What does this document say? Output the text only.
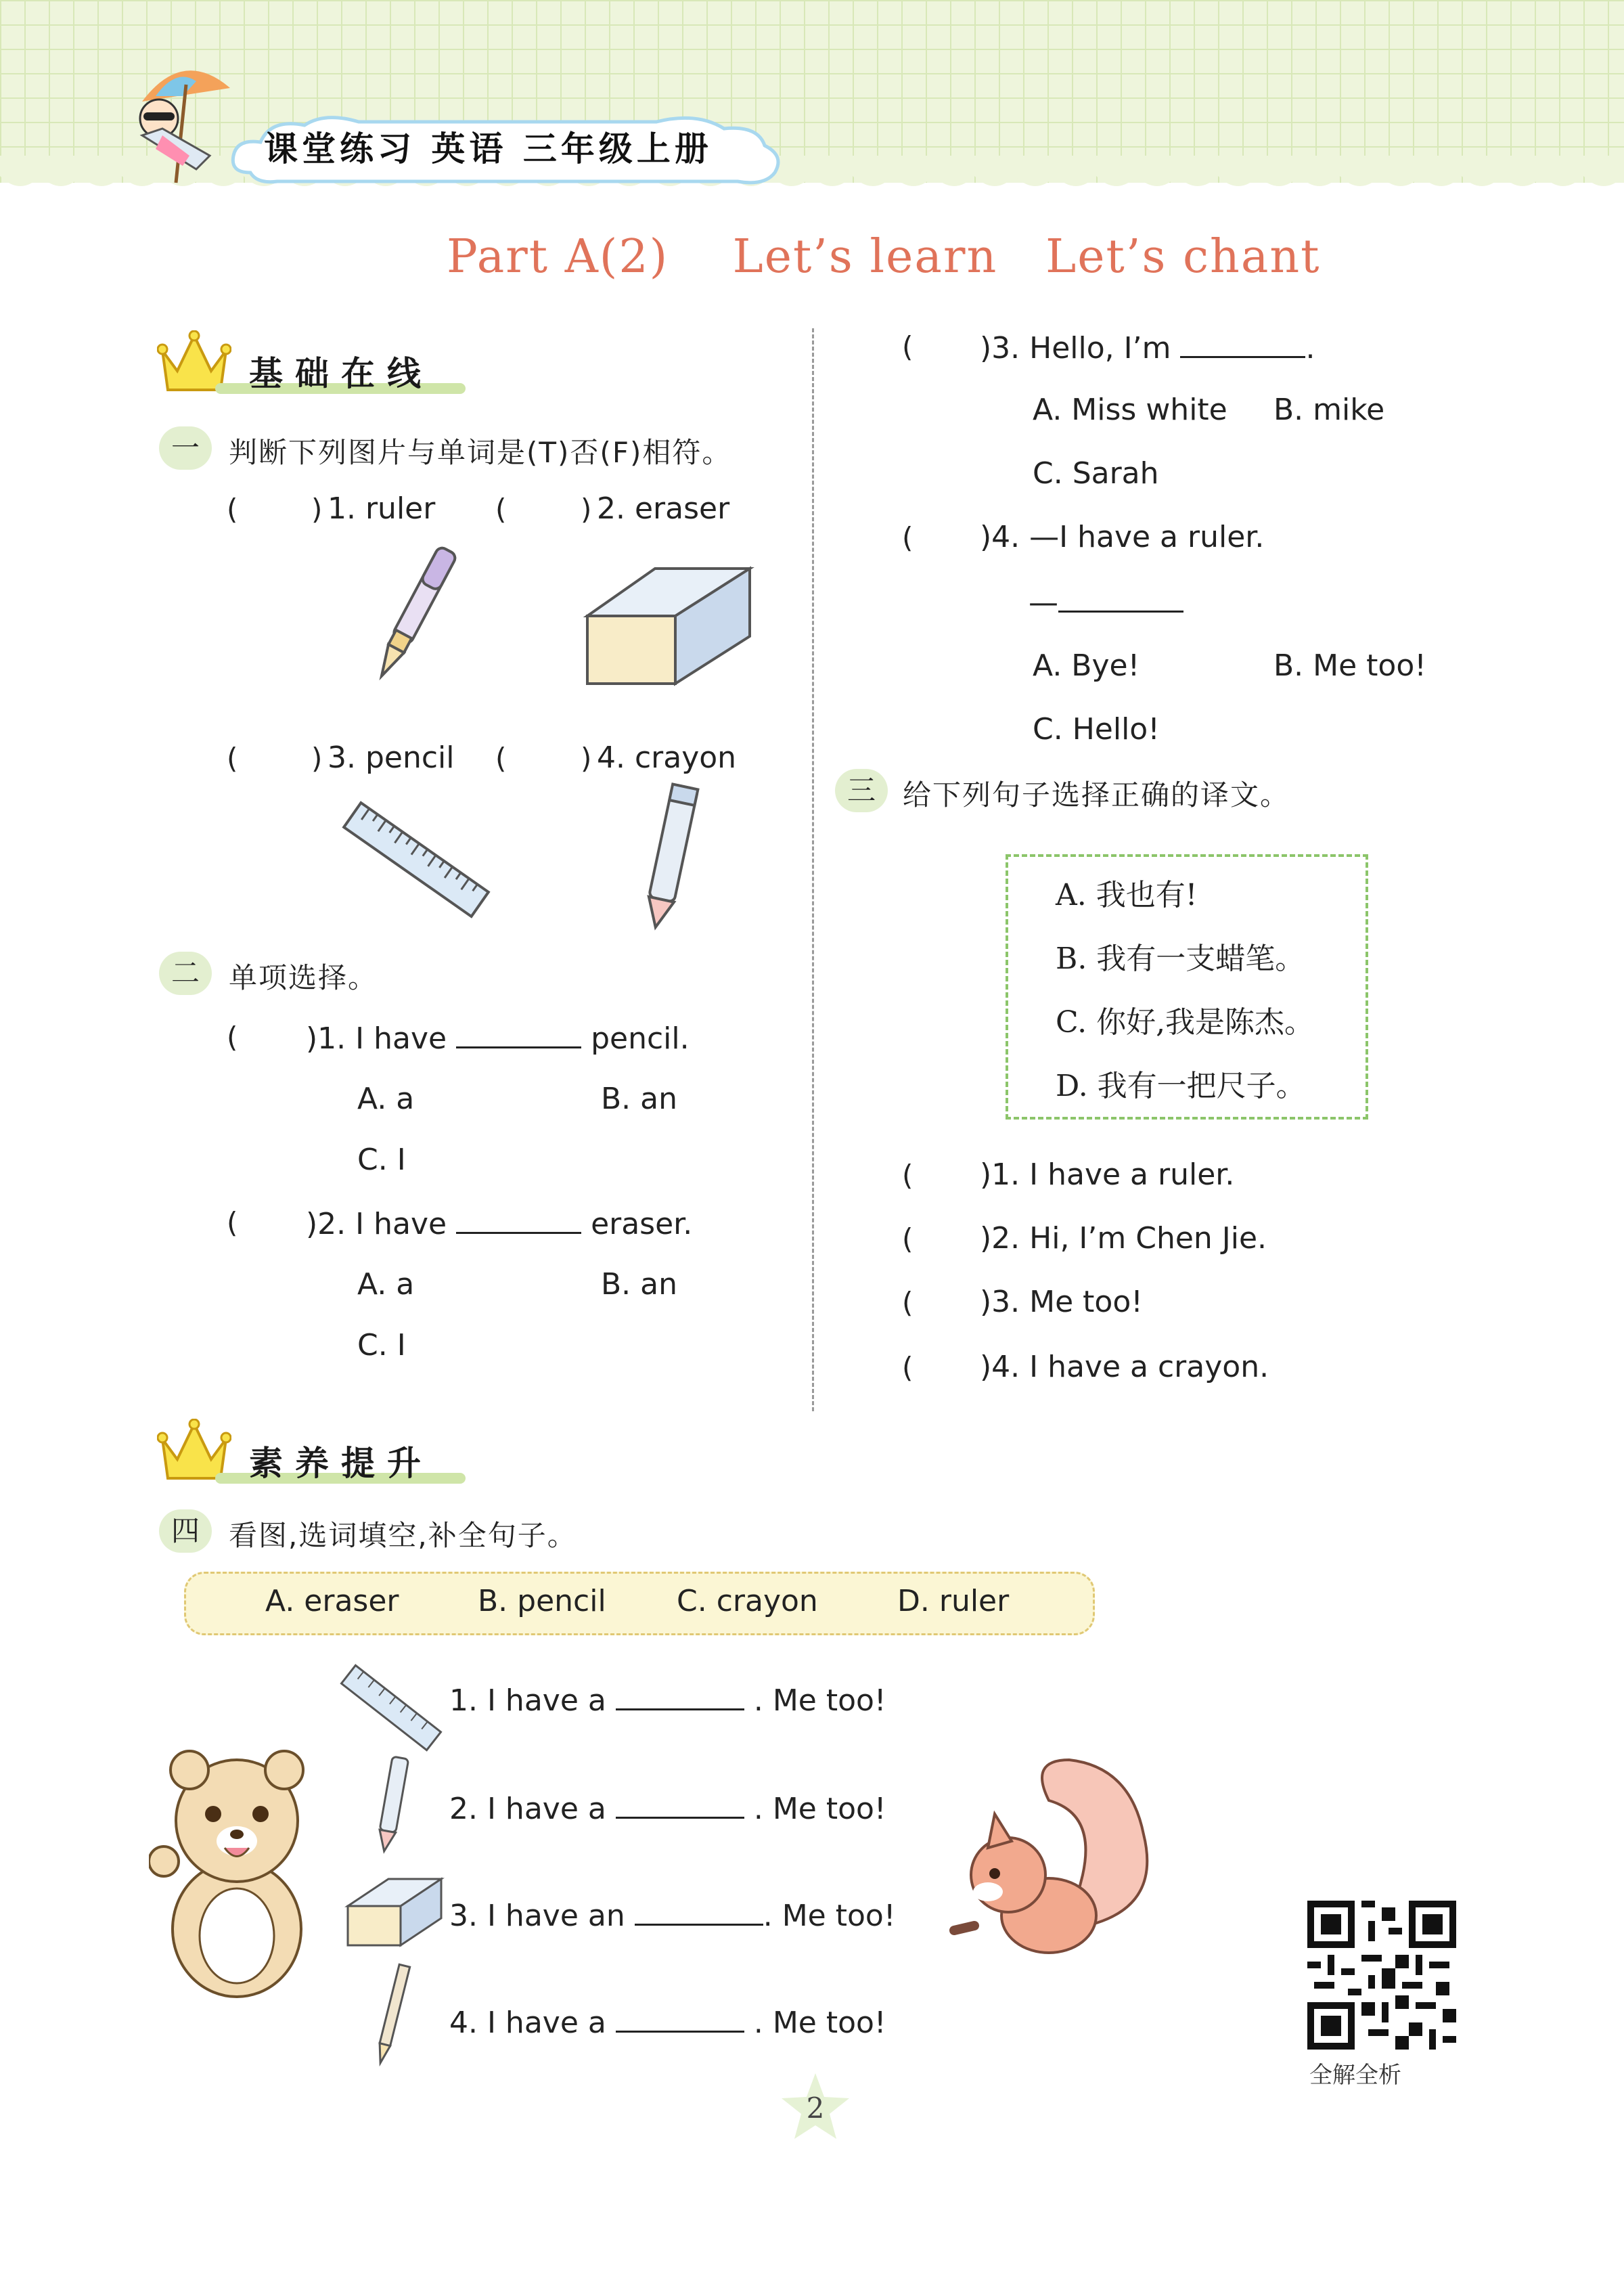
课堂练习 英语 三年级上册
Part A(2)    Let’s learn   Let’s chant
基础在线
一	判断下列图片与单词是(T)否(F)相符。
(	) 1. ruler (	) 2. eraser
(	) 3. pencil (	) 4. crayon
二	单项选择。
( )1. I have	pencil.
A. a	B. an
C. I
( )2. I have	eraser.
A. a	B. an
C. I
( )3. Hello, I’m	.
A. Miss white B. mike
C. Sarah
( )4. —I have a ruler.
—
A. Bye!	B. Me too!
C. Hello!
三 给下列句子选择正确的译文。
A. 我也有!
B. 我有一支蜡笔。
C. 你好,我是陈杰。
D. 我有一把尺子。
( )1. I have a ruler.
( )2. Hi, I’m Chen Jie.
( )3. Me too!
( )4. I have a crayon.
素养提升
四	看图,选词填空,补全句子。
A. eraser	B. pencil C. crayon	D. ruler
1. I have a	. Me too!
2. I have a	. Me too!
3. I have an	. Me too!
4. I have a	. Me too!
全解全析
2
